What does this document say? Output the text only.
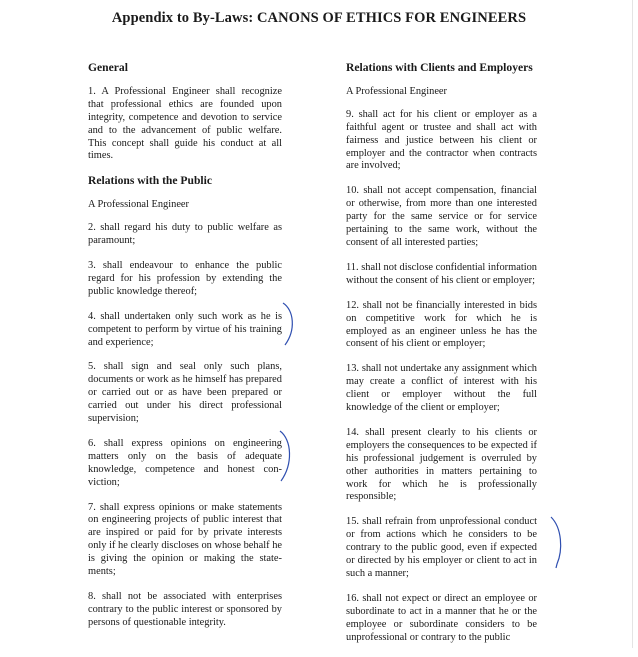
Appendix to By-Laws: CANONS OF ETHICS FOR ENGINEERS
General
1. A Professional Engineer shall recognize that professional ethics are founded upon integrity, competence and devotion to service and to the advancement of public welfare. This concept shall guide his conduct at all times.
Relations with the Public
A Professional Engineer
2. shall regard his duty to public welfare as paramount;
3. shall endeavour to enhance the public regard for his profession by extending the public knowledge thereof;
4. shall undertaken only such work as he is competent to perform by virtue of his training and experience;
5. shall sign and seal only such plans, documents or work as he himself has prepared or carried out or as have been prepared or carried out under his direct professional supervision;
6. shall express opinions on engineering matters only on the basis of adequate knowledge, competence and honest con- viction;
7. shall express opinions or make statements on engineering projects of public interest that are inspired or paid for by private interests only if he clearly discloses on whose behalf he is giving the opinion or making the state- ments;
8. shall not be associated with enterprises contrary to the public interest or sponsored by persons of questionable integrity.
Relations with Clients and Employers
A Professional Engineer
9. shall act for his client or employer as a faithful agent or trustee and shall act with fairness and justice between his client or employer and the contractor when contracts are involved;
10. shall not accept compensation, financial or otherwise, from more than one interested party for the same service or for service pertaining to the same work, without the consent of all interested parties;
11. shall not disclose confidential information without the consent of his client or employer;
12. shall not be financially interested in bids on competitive work for which he is employed as an engineer unless he has the consent of his client or employer;
13. shall not undertake any assignment which may create a conflict of interest with his client or employer without the full knowledge of the client or employer;
14. shall present clearly to his clients or employers the consequences to be expected if his professional judgement is overruled by other authorities in matters pertaining to work for which he is professionally responsible;
15. shall refrain from unprofessional conduct or from actions which he considers to be contrary to the public good, even if expected or directed by his employer or client to act in such a manner;
16. shall not expect or direct an employee or subordinate to act in a manner that he or the employee or subordinate considers to be unprofessional or contrary to the public
